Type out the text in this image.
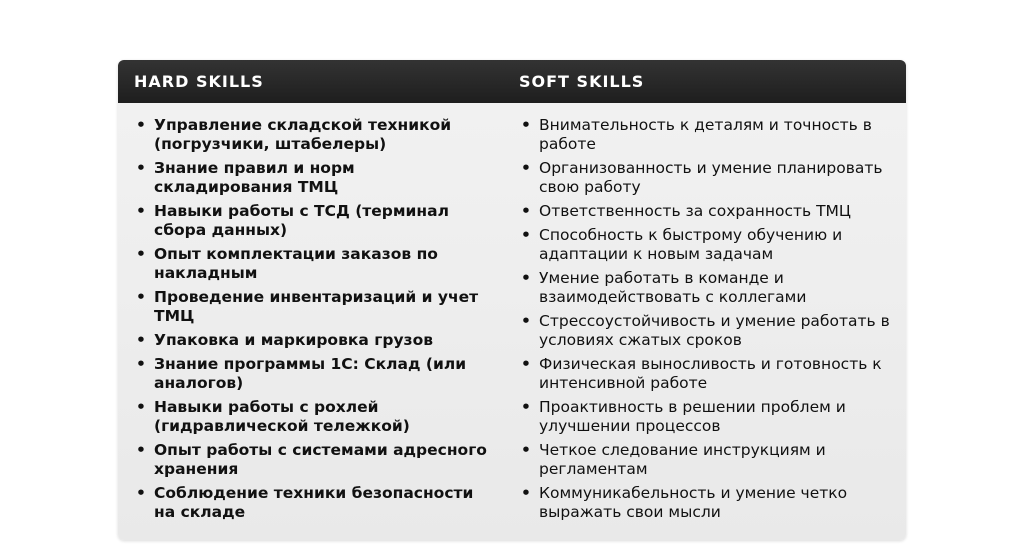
HARD SKILLS	SOFT SKILLS
• Управление складской техникой (погрузчики, штабелеры)
• Знание правил и норм складирования ТМЦ
• Навыки работы с ТСД (терминал сбора данных)
• Опыт комплектации заказов по накладным
• Проведение инвентаризаций и учет ТМЦ
• Упаковка и маркировка грузов
• Знание программы 1С: Склад (или аналогов)
• Навыки работы с рохлей (гидравлической тележкой)
• Опыт работы с системами адресного хранения
• Соблюдение техники безопасности на складе
• Внимательность к деталям и точность в работе
• Организованность и умение планировать свою работу
• Ответственность за сохранность ТМЦ
• Способность к быстрому обучению и адаптации к новым задачам
• Умение работать в команде и взаимодействовать с коллегами
• Стрессоустойчивость и умение работать в условиях сжатых сроков
• Физическая выносливость и готовность к интенсивной работе
• Проактивность в решении проблем и улучшении процессов
• Четкое следование инструкциям и регламентам
• Коммуникабельность и умение четко выражать свои мысли
